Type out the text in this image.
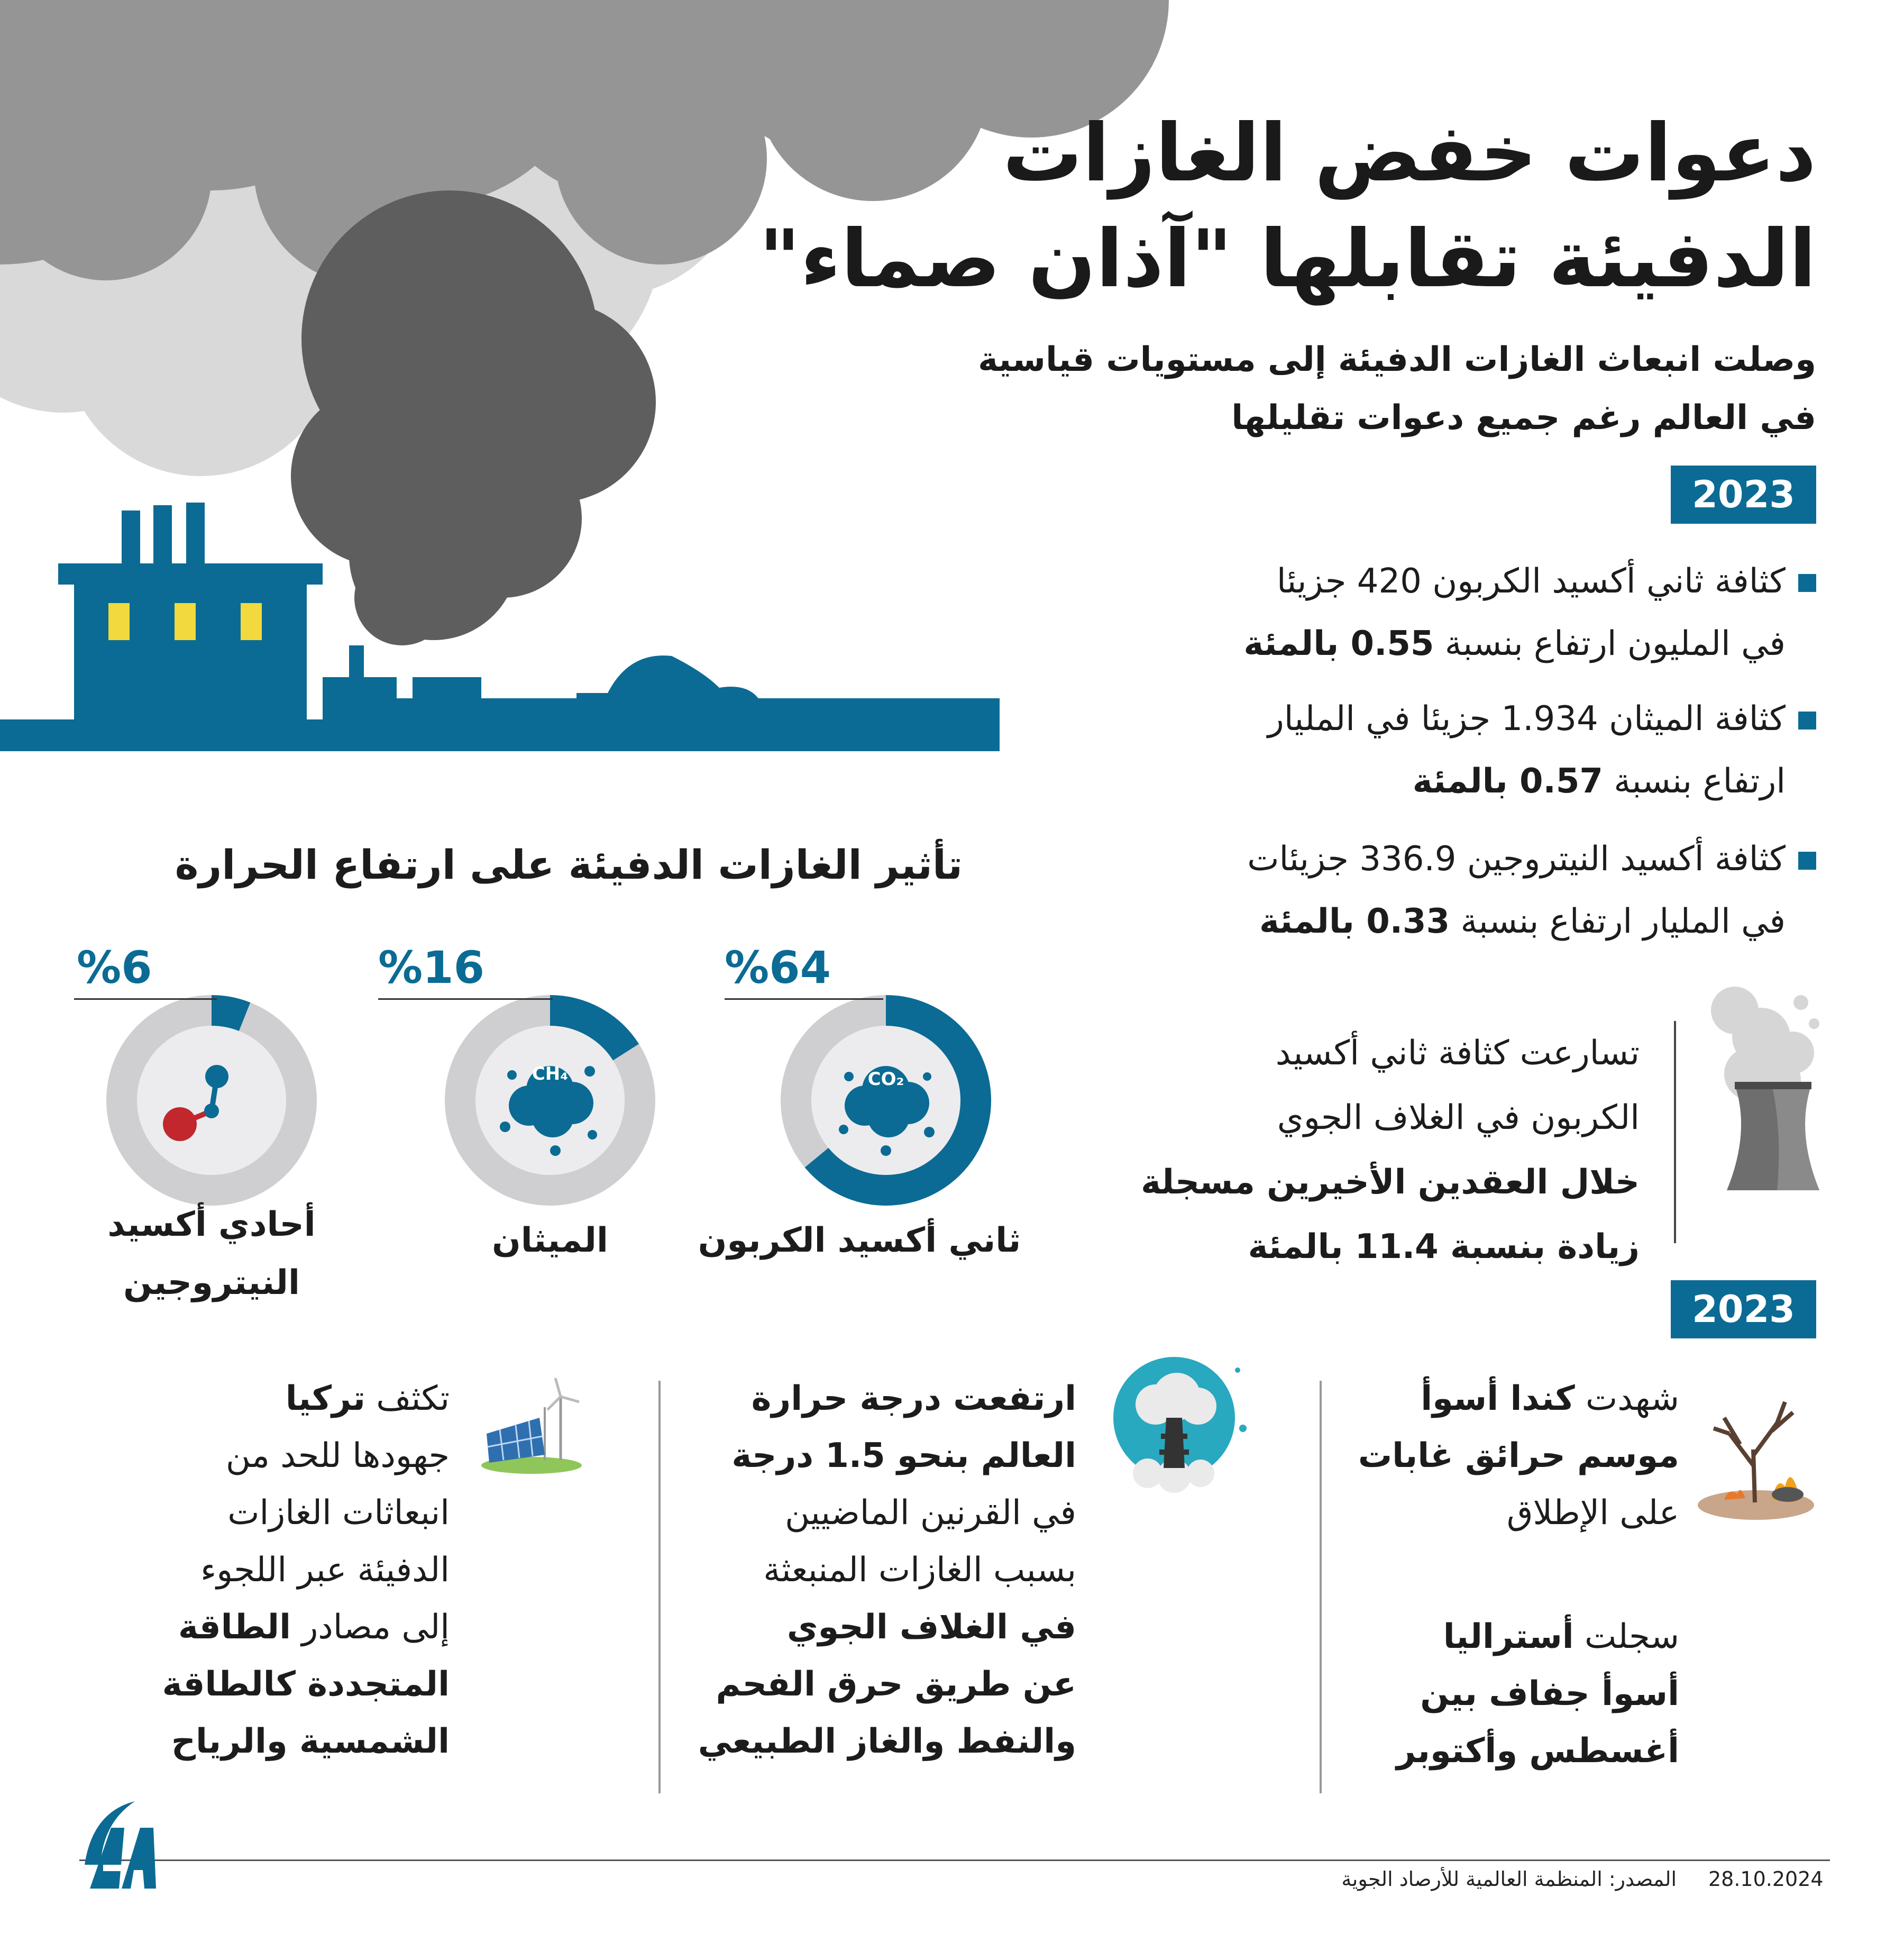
دعوات خفض الغازات
الدفيئة تقابلها "آذان صماء"
وصلت انبعاث الغازات الدفيئة إلى مستويات قياسية
في العالم رغم جميع دعوات تقليلها
2023
كثافة ثاني أكسيد الكربون 420 جزيئا
في المليون ارتفاع بنسبة 0.55 بالمئة
كثافة الميثان 1.934 جزيئا في المليار
ارتفاع بنسبة 0.57 بالمئة
كثافة أكسيد النيتروجين 336.9 جزيئات
في المليار ارتفاع بنسبة 0.33 بالمئة
تسارعت كثافة ثاني أكسيد
الكربون في الغلاف الجوي
خلال العقدين الأخيرين مسجلة
زيادة بنسبة 11.4 بالمئة
تأثير الغازات الدفيئة على ارتفاع الحرارة
CO₂
CH₄
%64
%16
%6
ثاني أكسيد الكربون
الميثان
أحادي أكسيد
النيتروجين
2023
شهدت كندا أسوأ
موسم حرائق غابات
على الإطلاق
سجلت أستراليا
أسوأ جفاف بين
أغسطس وأكتوبر
ارتفعت درجة حرارة
العالم بنحو 1.5 درجة
في القرنين الماضيين
بسبب الغازات المنبعثة
في الغلاف الجوي
عن طريق حرق الفحم
والنفط والغاز الطبيعي
تكثف تركيا
جهودها للحد من
انبعاثات الغازات
الدفيئة عبر اللجوء
إلى مصادر الطاقة
المتجددة كالطاقة
الشمسية والرياح
المصدر: المنظمة العالمية للأرصاد الجوية 28.10.2024
